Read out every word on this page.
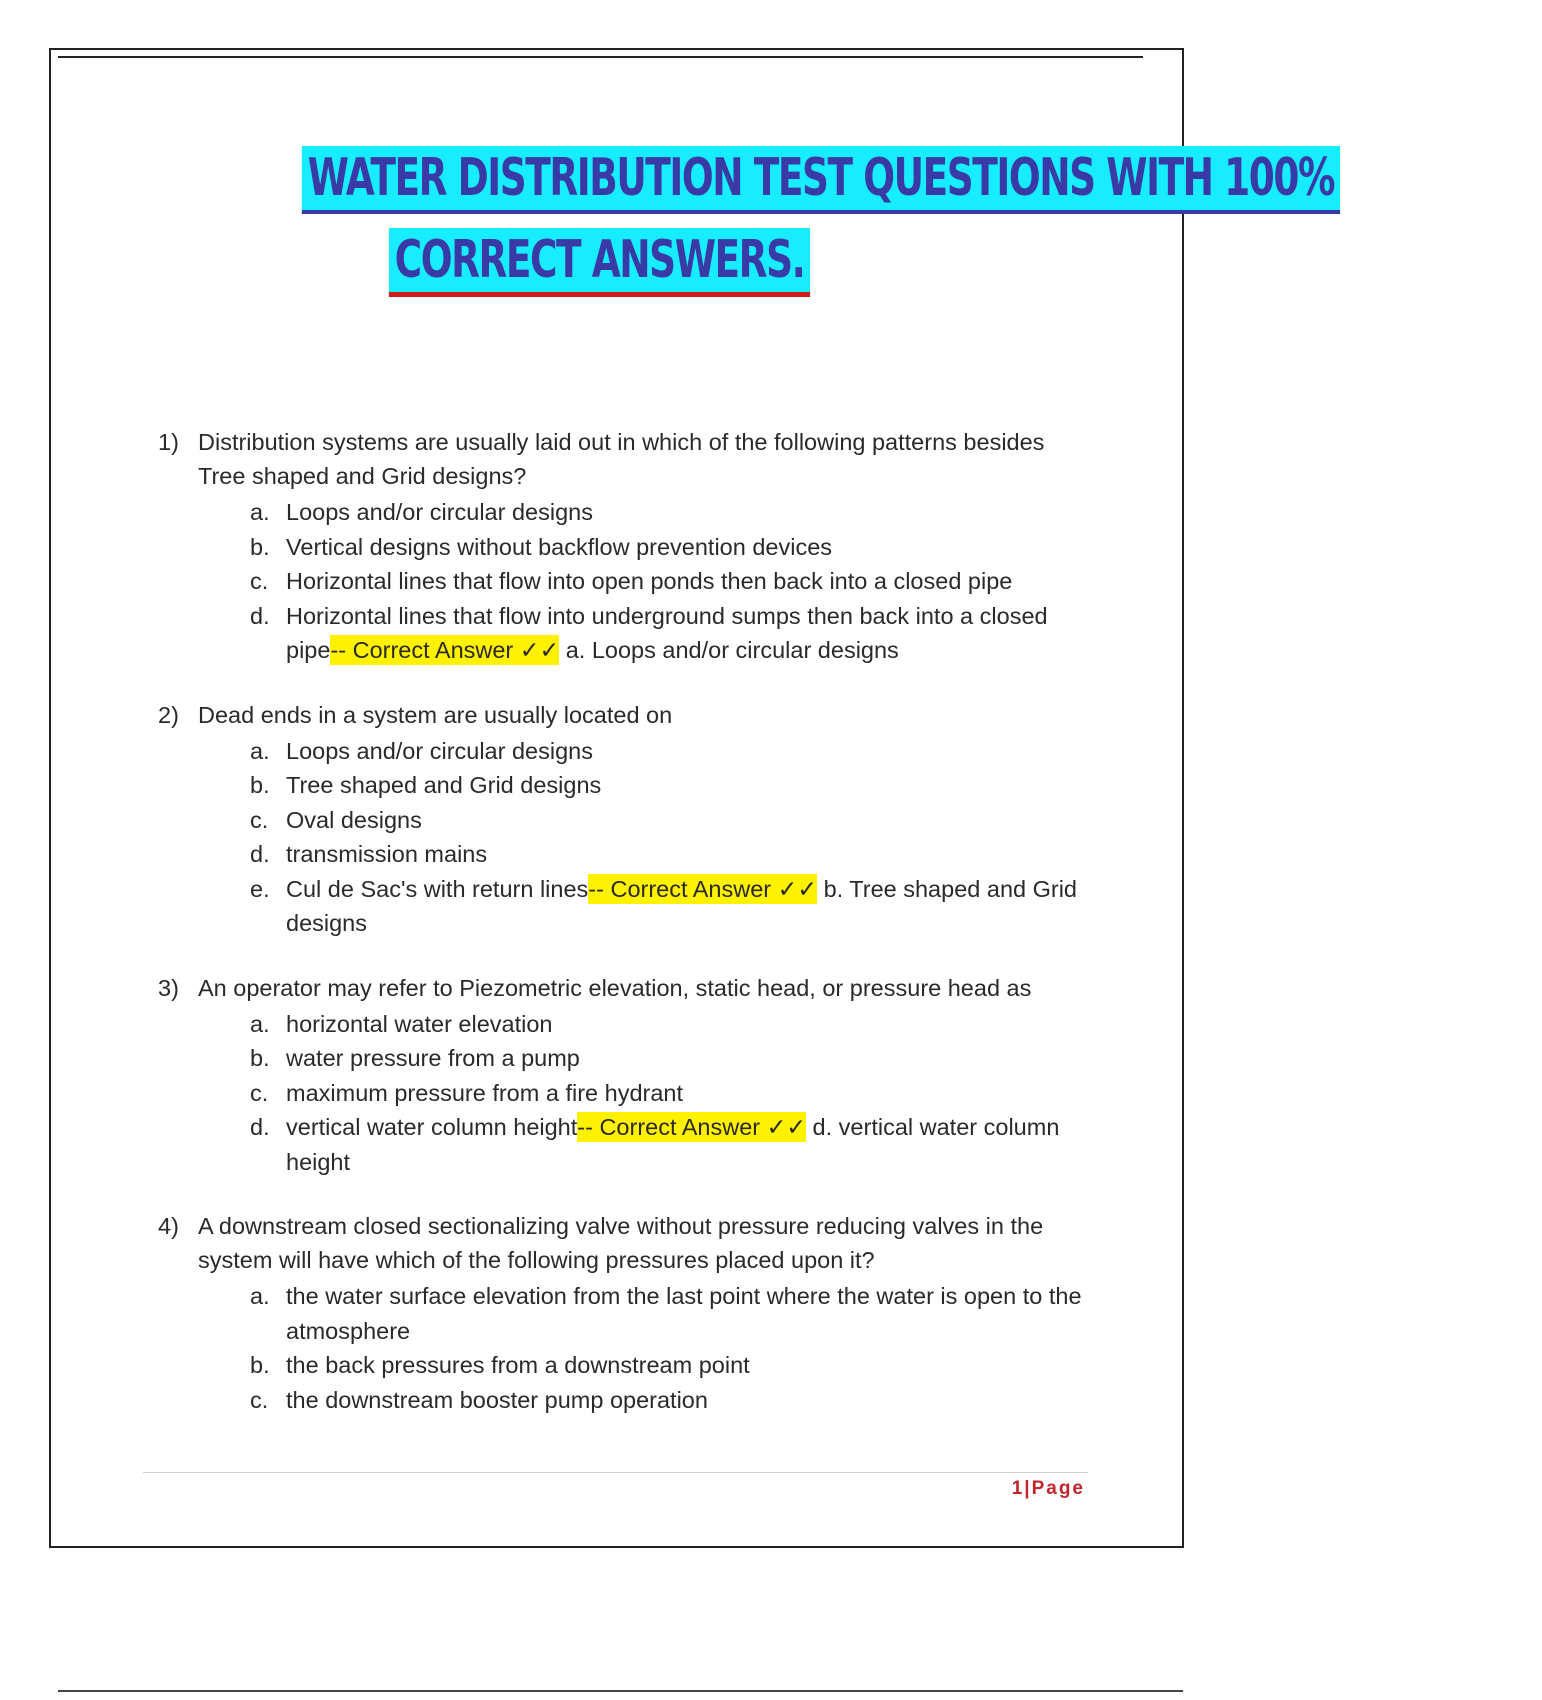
WATER DISTRIBUTION TEST QUESTIONS WITH 100%
CORRECT ANSWERS.
1) Distribution systems are usually laid out in which of the following patterns besides Tree shaped and Grid designs?
a. Loops and/or circular designs
b. Vertical designs without backflow prevention devices
c. Horizontal lines that flow into open ponds then back into a closed pipe
d. Horizontal lines that flow into underground sumps then back into a closed pipe-- Correct Answer ✓✓ a. Loops and/or circular designs
2) Dead ends in a system are usually located on
a. Loops and/or circular designs
b. Tree shaped and Grid designs
c. Oval designs
d. transmission mains
e. Cul de Sac's with return lines-- Correct Answer ✓✓ b. Tree shaped and Grid designs
3) An operator may refer to Piezometric elevation, static head, or pressure head as
a. horizontal water elevation
b. water pressure from a pump
c. maximum pressure from a fire hydrant
d. vertical water column height-- Correct Answer ✓✓ d. vertical water column height
4) A downstream closed sectionalizing valve without pressure reducing valves in the system will have which of the following pressures placed upon it?
a. the water surface elevation from the last point where the water is open to the atmosphere
b. the back pressures from a downstream point
c. the downstream booster pump operation
1|Page
